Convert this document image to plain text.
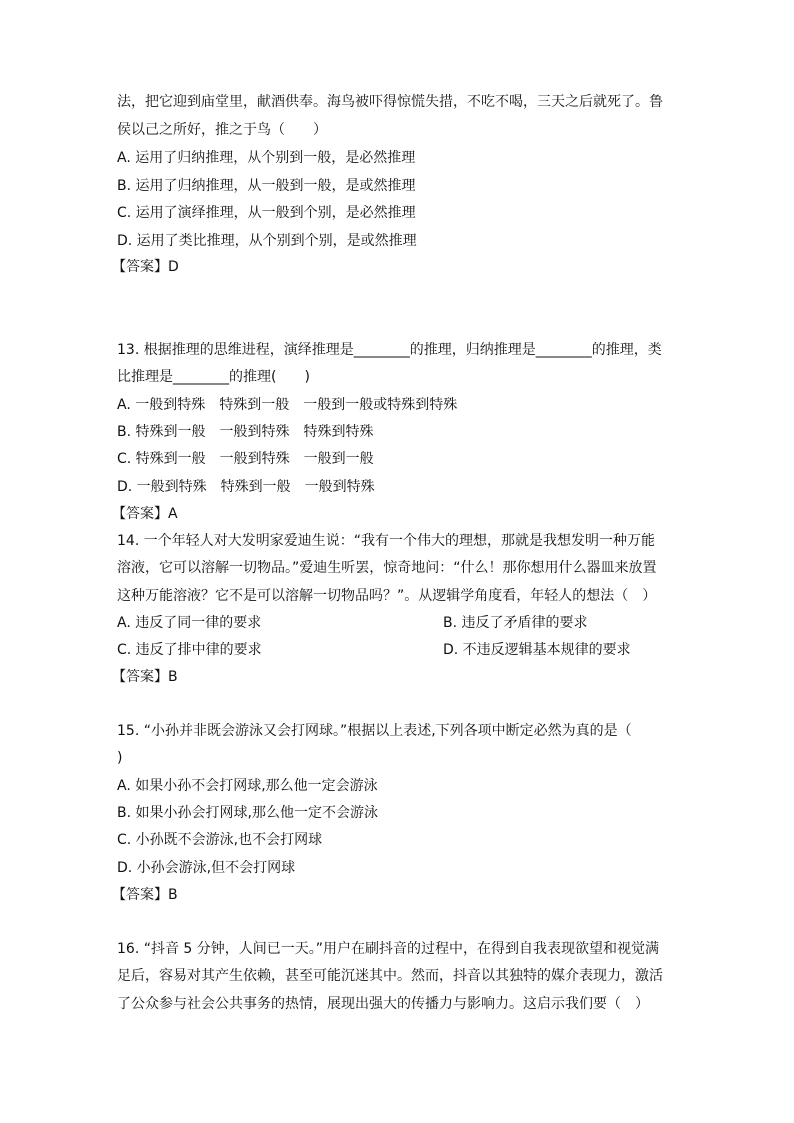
法，把它迎到庙堂里，献酒供奉。海鸟被吓得惊慌失措，不吃不喝，三天之后就死了。鲁
侯以己之所好，推之于鸟（　　）
A. 运用了归纳推理，从个别到一般，是必然推理
B. 运用了归纳推理，从一般到一般，是或然推理
C. 运用了演绎推理，从一般到个别，是必然推理
D. 运用了类比推理，从个别到个别，是或然推理
【答案】D
13. 根据推理的思维进程，演绎推理是________的推理，归纳推理是________的推理，类
比推理是________的推理(　　)
A. 一般到特殊　特殊到一般　一般到一般或特殊到特殊
B. 特殊到一般　一般到特殊　特殊到特殊
C. 特殊到一般　一般到特殊　一般到一般
D. 一般到特殊　特殊到一般　一般到特殊
【答案】A
14. 一个年轻人对大发明家爱迪生说：“我有一个伟大的理想，那就是我想发明一种万能
溶液，它可以溶解一切物品。”爱迪生听罢，惊奇地问：“什么！那你想用什么器皿来放置
这种万能溶液？它不是可以溶解一切物品吗？”。从逻辑学角度看，年轻人的想法（　）
A. 违反了同一律的要求	B. 违反了矛盾律的要求
C. 违反了排中律的要求	D. 不违反逻辑基本规律的要求
【答案】B
15. “小孙并非既会游泳又会打网球。”根据以上表述,下列各项中断定必然为真的是（
)
A. 如果小孙不会打网球,那么他一定会游泳
B. 如果小孙会打网球,那么他一定不会游泳
C. 小孙既不会游泳,也不会打网球
D. 小孙会游泳,但不会打网球
【答案】B
16. “抖音 5 分钟，人间已一天。”用户在刷抖音的过程中，在得到自我表现欲望和视觉满
足后，容易对其产生依赖，甚至可能沉迷其中。然而，抖音以其独特的媒介表现力，激活
了公众参与社会公共事务的热情，展现出强大的传播力与影响力。这启示我们要（　）
